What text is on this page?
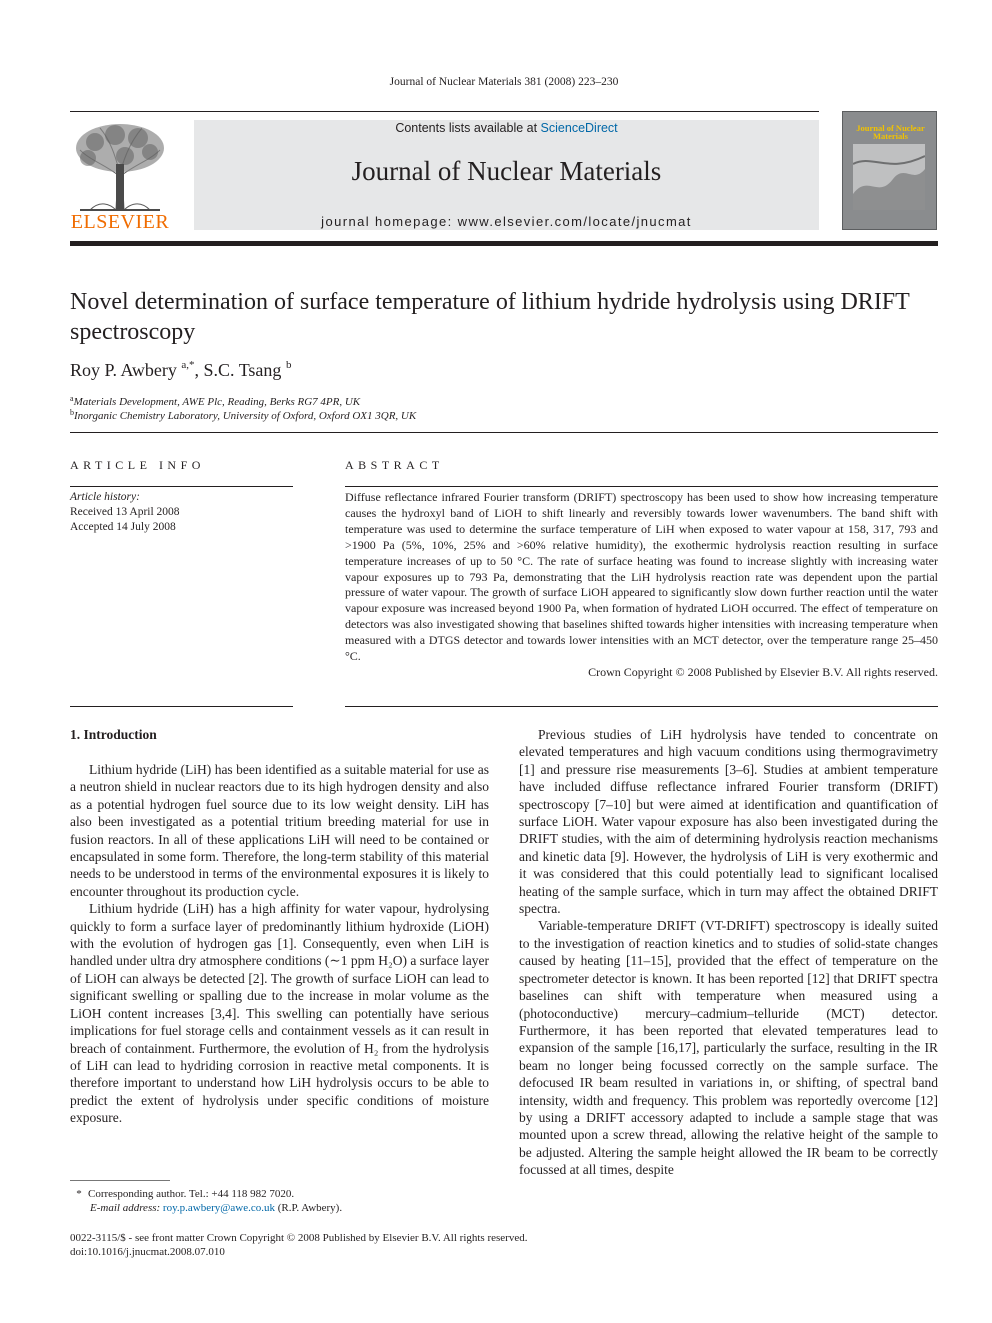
Journal of Nuclear Materials 381 (2008) 223–230
ELSEVIER
Contents lists available at ScienceDirect
Journal of Nuclear Materials
journal homepage: www.elsevier.com/locate/jnucmat
Journal of Nuclear Materials
Novel determination of surface temperature of lithium hydride hydrolysis using DRIFT spectroscopy
Roy P. Awbery $^{a,*}$, S.C. Tsang $^b$
$^a$Materials Development, AWE Plc, Reading, Berks RG7 4PR, UK
$^b$Inorganic Chemistry Laboratory, University of Oxford, Oxford OX1 3QR, UK
ARTICLE INFO
Article history:
Received 13 April 2008
Accepted 14 July 2008
ABSTRACT
Diffuse reflectance infrared Fourier transform (DRIFT) spectroscopy has been used to show how increasing temperature causes the hydroxyl band of LiOH to shift linearly and reversibly towards lower wavenumbers. The band shift with temperature was used to determine the surface temperature of LiH when exposed to water vapour at 158, 317, 793 and >1900 Pa (5%, 10%, 25% and >60% relative humidity), the exothermic hydrolysis reaction resulting in surface temperature increases of up to 50 °C. The rate of surface heating was found to increase slightly with increasing water vapour exposures up to 793 Pa, demonstrating that the LiH hydrolysis reaction rate was dependent upon the partial pressure of water vapour. The growth of surface LiOH appeared to significantly slow down further reaction until the water vapour exposure was increased beyond 1900 Pa, when formation of hydrated LiOH occurred. The effect of temperature on detectors was also investigated showing that baselines shifted towards higher intensities with increasing temperature when measured with a DTGS detector and towards lower intensities with an MCT detector, over the temperature range 25–450 °C.
Crown Copyright © 2008 Published by Elsevier B.V. All rights reserved.
1. Introduction

Lithium hydride (LiH) has been identified as a suitable material for use as a neutron shield in nuclear reactors due to its high hydrogen density and also as a potential hydrogen fuel source due to its low weight density. LiH has also been investigated as a potential tritium breeding material for use in fusion reactors. In all of these applications LiH will need to be contained or encapsulated in some form. Therefore, the long-term stability of this material needs to be understood in terms of the environmental exposures it is likely to encounter throughout its production cycle.

Lithium hydride (LiH) has a high affinity for water vapour, hydrolysing quickly to form a surface layer of predominantly lithium hydroxide (LiOH) with the evolution of hydrogen gas [1]. Consequently, even when LiH is handled under ultra dry atmosphere conditions (∼1 ppm H₂O) a surface layer of LiOH can always be detected [2]. The growth of surface LiOH can lead to significant swelling or spalling due to the increase in molar volume as the LiOH content increases [3,4]. This swelling can potentially have serious implications for fuel storage cells and containment vessels as it can result in breach of containment. Furthermore, the evolution of H₂ from the hydrolysis of LiH can lead to hydriding corrosion in reactive metal components. It is therefore important to understand how LiH hydrolysis occurs to be able to predict the extent of hydrolysis under specific conditions of moisture exposure.

Previous studies of LiH hydrolysis have tended to concentrate on elevated temperatures and high vacuum conditions using thermogravimetry [1] and pressure rise measurements [3–6]. Studies at ambient temperature have included diffuse reflectance infrared Fourier transform (DRIFT) spectroscopy [7–10] but were aimed at identification and quantification of surface LiOH. Water vapour exposure has also been investigated during the DRIFT studies, with the aim of determining hydrolysis reaction mechanisms and kinetic data [9]. However, the hydrolysis of LiH is very exothermic and it was considered that this could potentially lead to significant localised heating of the sample surface, which in turn may affect the obtained DRIFT spectra.

Variable-temperature DRIFT (VT-DRIFT) spectroscopy is ideally suited to the investigation of reaction kinetics and to studies of solid-state changes caused by heating [11–15], provided that the effect of temperature on the spectrometer detector is known. It has been reported [12] that DRIFT spectra baselines can shift with temperature when measured using a (photoconductive) mercury–cadmium–telluride (MCT) detector. Furthermore, it has been reported that elevated temperatures lead to expansion of the sample [16,17], particularly the surface, resulting in the IR beam no longer being focussed correctly on the sample surface. The defocused IR beam resulted in variations in, or shifting, of spectral band intensity, width and frequency. This problem was reportedly overcome [12] by using a DRIFT accessory adapted to include a sample stage that was mounted upon a screw thread, allowing the relative height of the sample to be adjusted. Altering the sample height allowed the IR beam to be correctly focussed at all times, despite

* Corresponding author. Tel.: +44 118 982 7020.
E-mail address: roy.p.awbery@awe.co.uk (R.P. Awbery).
0022-3115/$ - see front matter Crown Copyright © 2008 Published by Elsevier B.V. All rights reserved.
doi:10.1016/j.jnucmat.2008.07.010
